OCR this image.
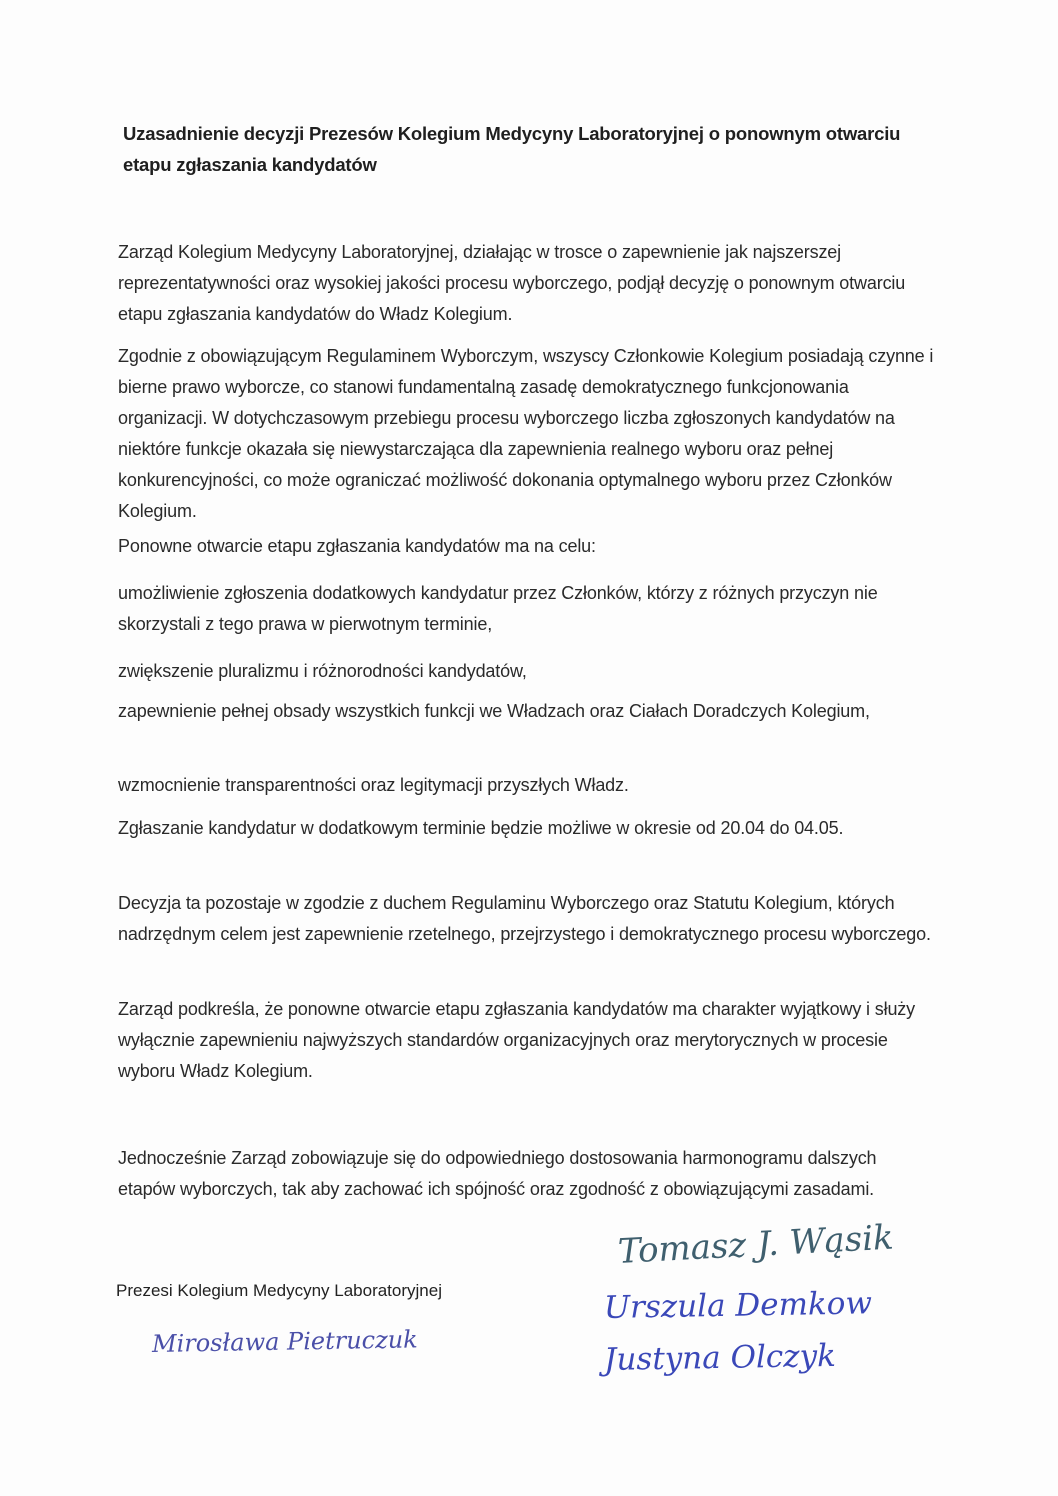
Uzasadnienie decyzji Prezesów Kolegium Medycyny Laboratoryjnej o ponownym otwarciu etapu zgłaszania kandydatów
Zarząd Kolegium Medycyny Laboratoryjnej, działając w trosce o zapewnienie jak najszerszej reprezentatywności oraz wysokiej jakości procesu wyborczego, podjął decyzję o ponownym otwarciu etapu zgłaszania kandydatów do Władz Kolegium.
Zgodnie z obowiązującym Regulaminem Wyborczym, wszyscy Członkowie Kolegium posiadają czynne i bierne prawo wyborcze, co stanowi fundamentalną zasadę demokratycznego funkcjonowania organizacji. W dotychczasowym przebiegu procesu wyborczego liczba zgłoszonych kandydatów na niektóre funkcje okazała się niewystarczająca dla zapewnienia realnego wyboru oraz pełnej konkurencyjności, co może ograniczać możliwość dokonania optymalnego wyboru przez Członków Kolegium.
Ponowne otwarcie etapu zgłaszania kandydatów ma na celu:
umożliwienie zgłoszenia dodatkowych kandydatur przez Członków, którzy z różnych przyczyn nie skorzystali z tego prawa w pierwotnym terminie,
zwiększenie pluralizmu i różnorodności kandydatów,
zapewnienie pełnej obsady wszystkich funkcji we Władzach oraz Ciałach Doradczych Kolegium,
wzmocnienie transparentności oraz legitymacji przyszłych Władz.
Zgłaszanie kandydatur w dodatkowym terminie będzie możliwe w okresie od 20.04 do 04.05.
Decyzja ta pozostaje w zgodzie z duchem Regulaminu Wyborczego oraz Statutu Kolegium, których nadrzędnym celem jest zapewnienie rzetelnego, przejrzystego i demokratycznego procesu wyborczego.
Zarząd podkreśla, że ponowne otwarcie etapu zgłaszania kandydatów ma charakter wyjątkowy i służy wyłącznie zapewnieniu najwyższych standardów organizacyjnych oraz merytorycznych w procesie wyboru Władz Kolegium.
Jednocześnie Zarząd zobowiązuje się do odpowiedniego dostosowania harmonogramu dalszych etapów wyborczych, tak aby zachować ich spójność oraz zgodność z obowiązującymi zasadami.
Prezesi Kolegium Medycyny Laboratoryjnej
Mirosława Pietruczuk
Tomasz J. Wąsik
Urszula Demkow
Justyna Olczyk
